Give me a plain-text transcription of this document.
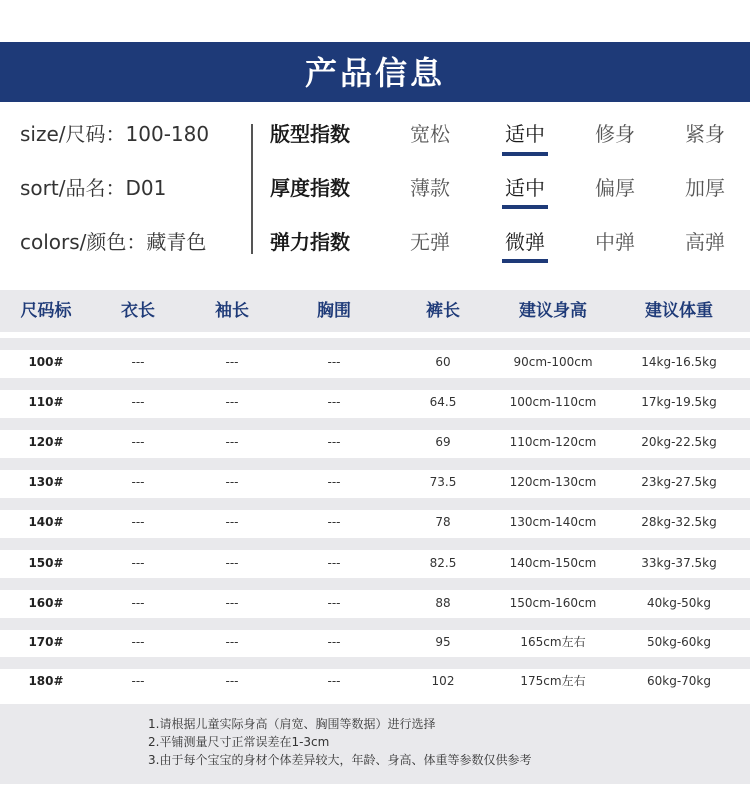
产品信息
size/尺码：100-180
sort/品名：D01
colors/颜色：藏青色
版型指数	宽松	适中	修身	紧身
厚度指数	薄款	适中	偏厚	加厚
弹力指数	无弹	微弹	中弹	高弹
尺码标	衣长	袖长	胸围	裤长	建议身高	建议体重
100#	---	---	---	60	90cm-100cm	14kg-16.5kg
110#	---	---	---	64.5	100cm-110cm	17kg-19.5kg
120#	---	---	---	69	110cm-120cm	20kg-22.5kg
130#	---	---	---	73.5	120cm-130cm	23kg-27.5kg
140#	---	---	---	78	130cm-140cm	28kg-32.5kg
150#	---	---	---	82.5	140cm-150cm	33kg-37.5kg
160#	---	---	---	88	150cm-160cm	40kg-50kg
170#	---	---	---	95	165cm左右	50kg-60kg
180#	---	---	---	102	175cm左右	60kg-70kg
1.请根据儿童实际身高（肩宽、胸围等数据）进行选择
2.平铺测量尺寸正常误差在1-3cm
3.由于每个宝宝的身材个体差异较大，年龄、身高、体重等参数仅供参考
